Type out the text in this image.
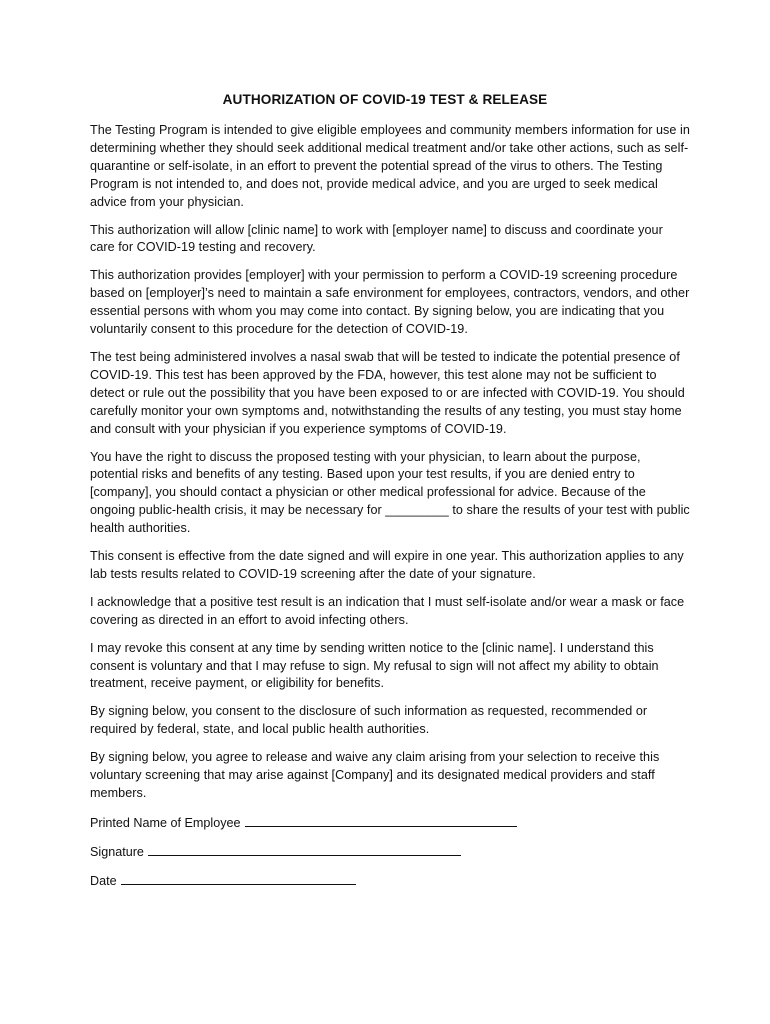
AUTHORIZATION OF COVID-19 TEST & RELEASE

The Testing Program is intended to give eligible employees and community members information for use in determining whether they should seek additional medical treatment and/or take other actions, such as self-quarantine or self-isolate, in an effort to prevent the potential spread of the virus to others. The Testing Program is not intended to, and does not, provide medical advice, and you are urged to seek medical advice from your physician.

This authorization will allow [clinic name] to work with [employer name] to discuss and coordinate your care for COVID-19 testing and recovery.

This authorization provides [employer] with your permission to perform a COVID-19 screening procedure based on [employer]’s need to maintain a safe environment for employees, contractors, vendors, and other essential persons with whom you may come into contact. By signing below, you are indicating that you voluntarily consent to this procedure for the detection of COVID-19.

The test being administered involves a nasal swab that will be tested to indicate the potential presence of COVID-19. This test has been approved by the FDA, however, this test alone may not be sufficient to detect or rule out the possibility that you have been exposed to or are infected with COVID-19. You should carefully monitor your own symptoms and, notwithstanding the results of any testing, you must stay home and consult with your physician if you experience symptoms of COVID-19.

You have the right to discuss the proposed testing with your physician, to learn about the purpose, potential risks and benefits of any testing. Based upon your test results, if you are denied entry to [company], you should contact a physician or other medical professional for advice. Because of the ongoing public-health crisis, it may be necessary for _________ to share the results of your test with public health authorities.

This consent is effective from the date signed and will expire in one year. This authorization applies to any lab tests results related to COVID-19 screening after the date of your signature.

I acknowledge that a positive test result is an indication that I must self-isolate and/or wear a mask or face covering as directed in an effort to avoid infecting others.

I may revoke this consent at any time by sending written notice to the [clinic name]. I understand this consent is voluntary and that I may refuse to sign. My refusal to sign will not affect my ability to obtain treatment, receive payment, or eligibility for benefits.

By signing below, you consent to the disclosure of such information as requested, recommended or required by federal, state, and local public health authorities.

By signing below, you agree to release and waive any claim arising from your selection to receive this voluntary screening that may arise against [Company] and its designated medical providers and staff members.

Printed Name of Employee
Signature
Date
